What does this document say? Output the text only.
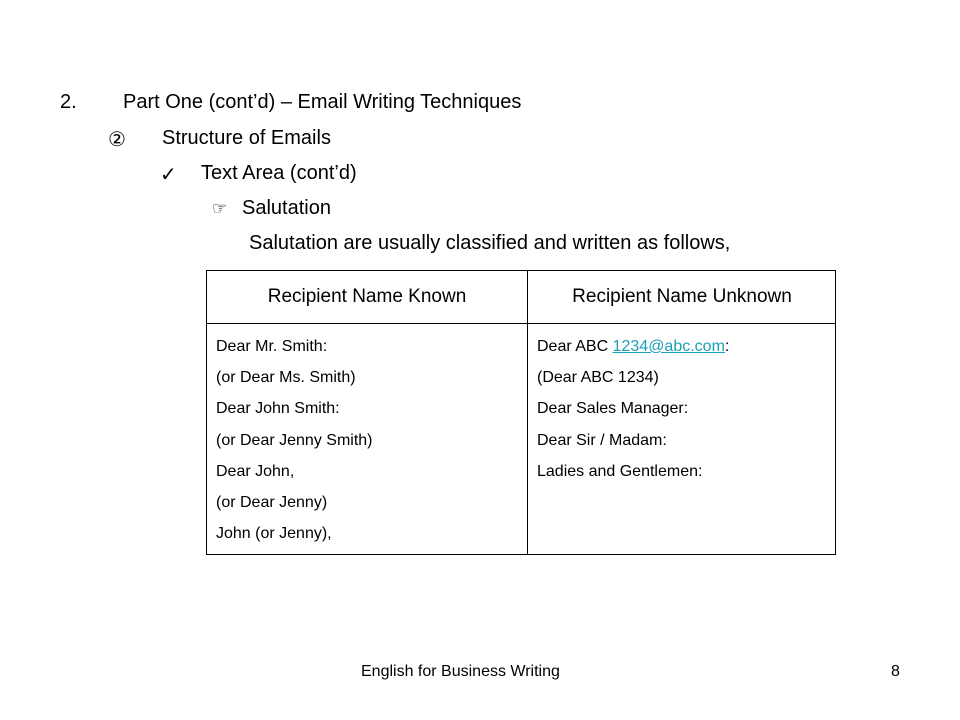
2. Part One (cont’d) – Email Writing Techniques
② Structure of Emails
✓ Text Area (cont’d)
☞ Salutation
Salutation are usually classified and written as follows,
Recipient Name Known	Recipient Name Unknown
Dear Mr. Smith:
(or Dear Ms. Smith)
Dear John Smith:
(or Dear Jenny Smith)
Dear John,
(or Dear Jenny)
John (or Jenny),
Dear ABC 1234@abc.com:
(Dear ABC 1234)
Dear Sales Manager:
Dear Sir / Madam:
Ladies and Gentlemen:
English for Business Writing	8
